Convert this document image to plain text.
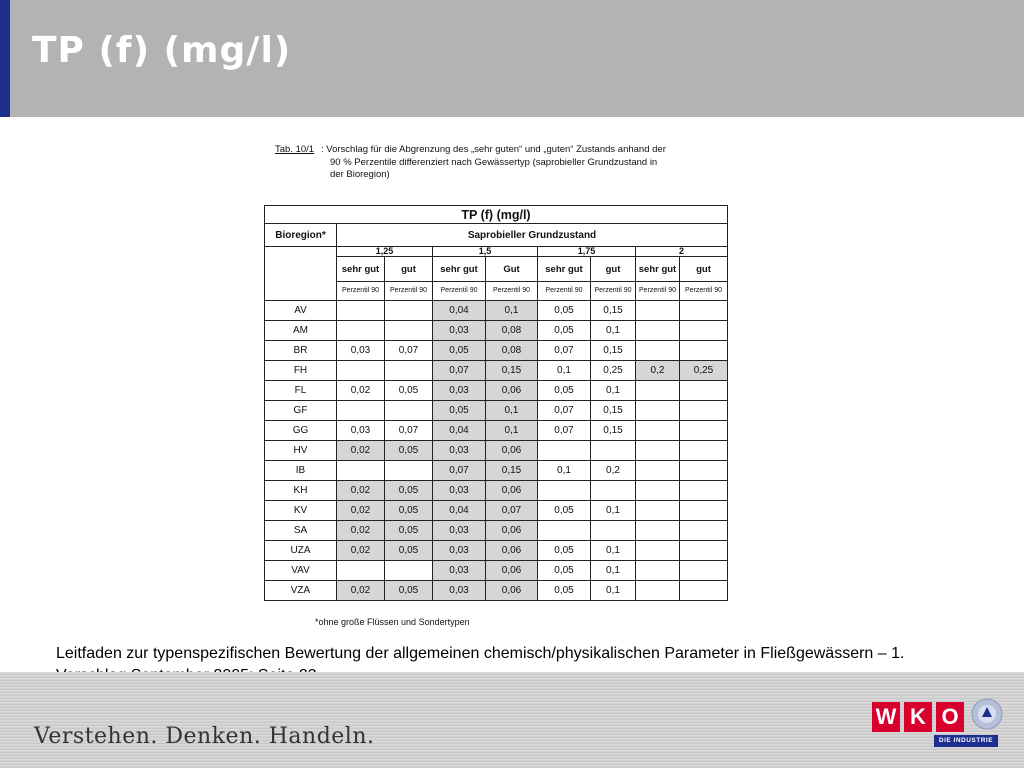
TP (f) (mg/l)
Tab. 10/1 : Vorschlag für die Abgrenzung des „sehr guten“ und „guten“ Zustands anhand der
90 % Perzentile differenziert nach Gewässertyp (saprobieller Grundzustand in
der Bioregion)
TP (f) (mg/l)								
Bioregion*	Saprobieller Grundzustand							
	1,25		1,5		1,75		2	
	sehr gut	gut	sehr gut	Gut	sehr gut	gut	sehr gut	gut
	Perzentil 90	Perzentil 90	Perzentil 90	Perzentil 90	Perzentil 90	Perzentil 90	Perzentil 90	Perzentil 90
AV			0,04	0,1	0,05	0,15		
AM			0,03	0,08	0,05	0,1		
BR	0,03	0,07	0,05	0,08	0,07	0,15		
FH			0,07	0,15	0,1	0,25	0,2	0,25
FL	0,02	0,05	0,03	0,06	0,05	0,1		
GF			0,05	0,1	0,07	0,15		
GG	0,03	0,07	0,04	0,1	0,07	0,15		
HV	0,02	0,05	0,03	0,06				
IB			0,07	0,15	0,1	0,2		
KH	0,02	0,05	0,03	0,06				
KV	0,02	0,05	0,04	0,07	0,05	0,1		
SA	0,02	0,05	0,03	0,06				
UZA	0,02	0,05	0,03	0,06	0,05	0,1		
VAV			0,03	0,06	0,05	0,1		
VZA	0,02	0,05	0,03	0,06	0,05	0,1		
*ohne große Flüssen und Sondertypen
Leitfaden zur typenspezifischen Bewertung der allgemeinen chemisch/physikalischen Parameter in Fließgewässern – 1.
Verstehen. Denken. Handeln.
W K O
DIE INDUSTRIE
